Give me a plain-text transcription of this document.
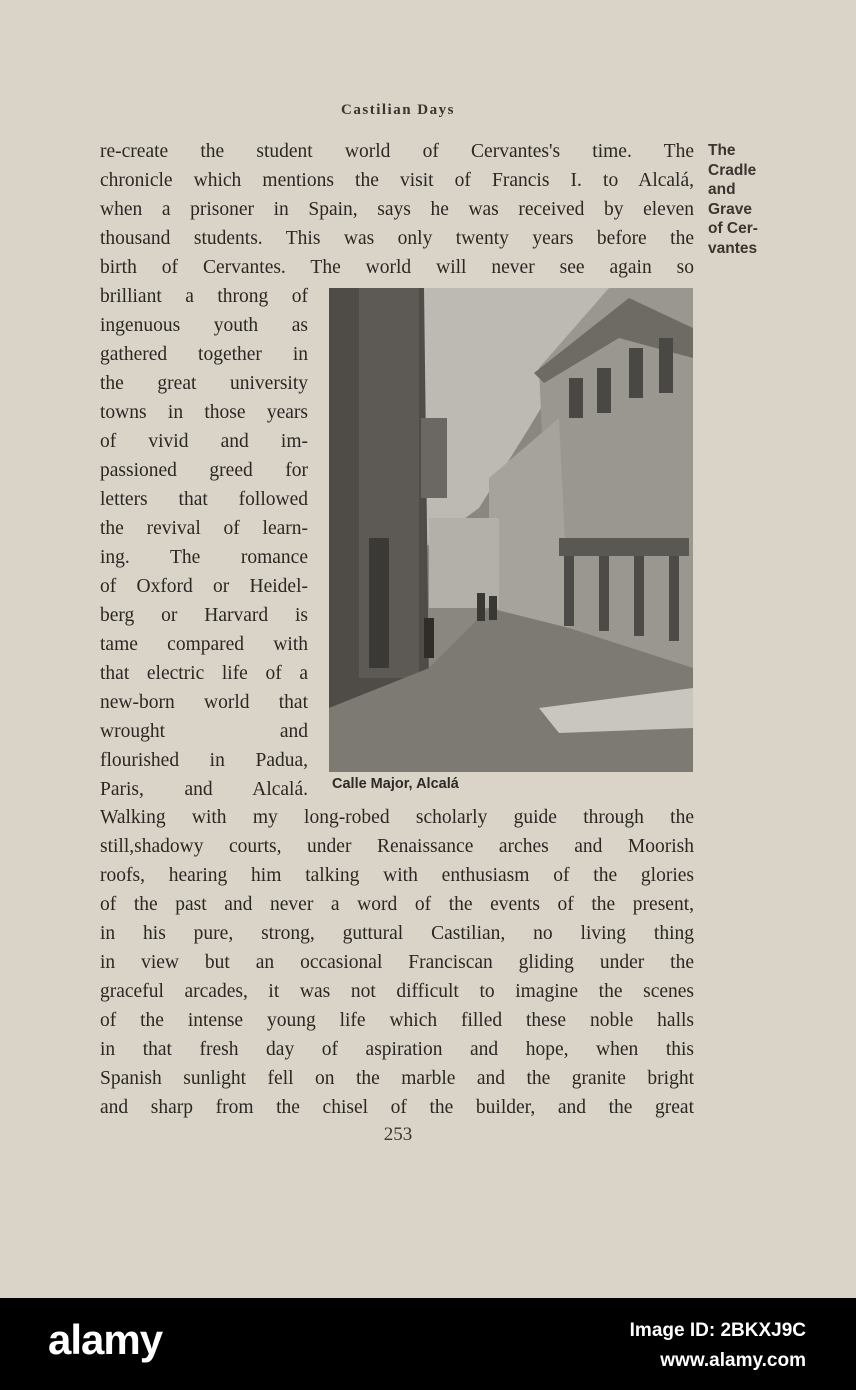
Castilian Days
The
Cradle
and
Grave
of Cer-
vantes
re-create the student world of Cervantes's time. The
chronicle which mentions the visit of Francis I. to Alcalá,
when a prisoner in Spain, says he was received by eleven
thousand students. This was only twenty years before the
birth of Cervantes. The world will never see again so
brilliant a throng of
ingenuous youth as
gathered together in
the great university
towns in those years
of vivid and im-
passioned greed for
letters that followed
the revival of learn-
ing. The romance
of Oxford or Heidel-
berg or Harvard is
tame compared with
that electric life of a
new-born world that
wrought and
flourished in Padua,
Paris, and Alcalá.
Walking with my long-robed scholarly guide through the
still,shadowy courts, under Renaissance arches and Moorish
roofs, hearing him talking with enthusiasm of the glories
of the past and never a word of the events of the present,
in his pure, strong, guttural Castilian, no living thing
in view but an occasional Franciscan gliding under the
graceful arcades, it was not difficult to imagine the scenes
of the intense young life which filled these noble halls
in that fresh day of aspiration and hope, when this
Spanish sunlight fell on the marble and the granite bright
and sharp from the chisel of the builder, and the great
Calle Major, Alcalá
253
alamy	Image ID: 2BKXJ9C
www.alamy.com
